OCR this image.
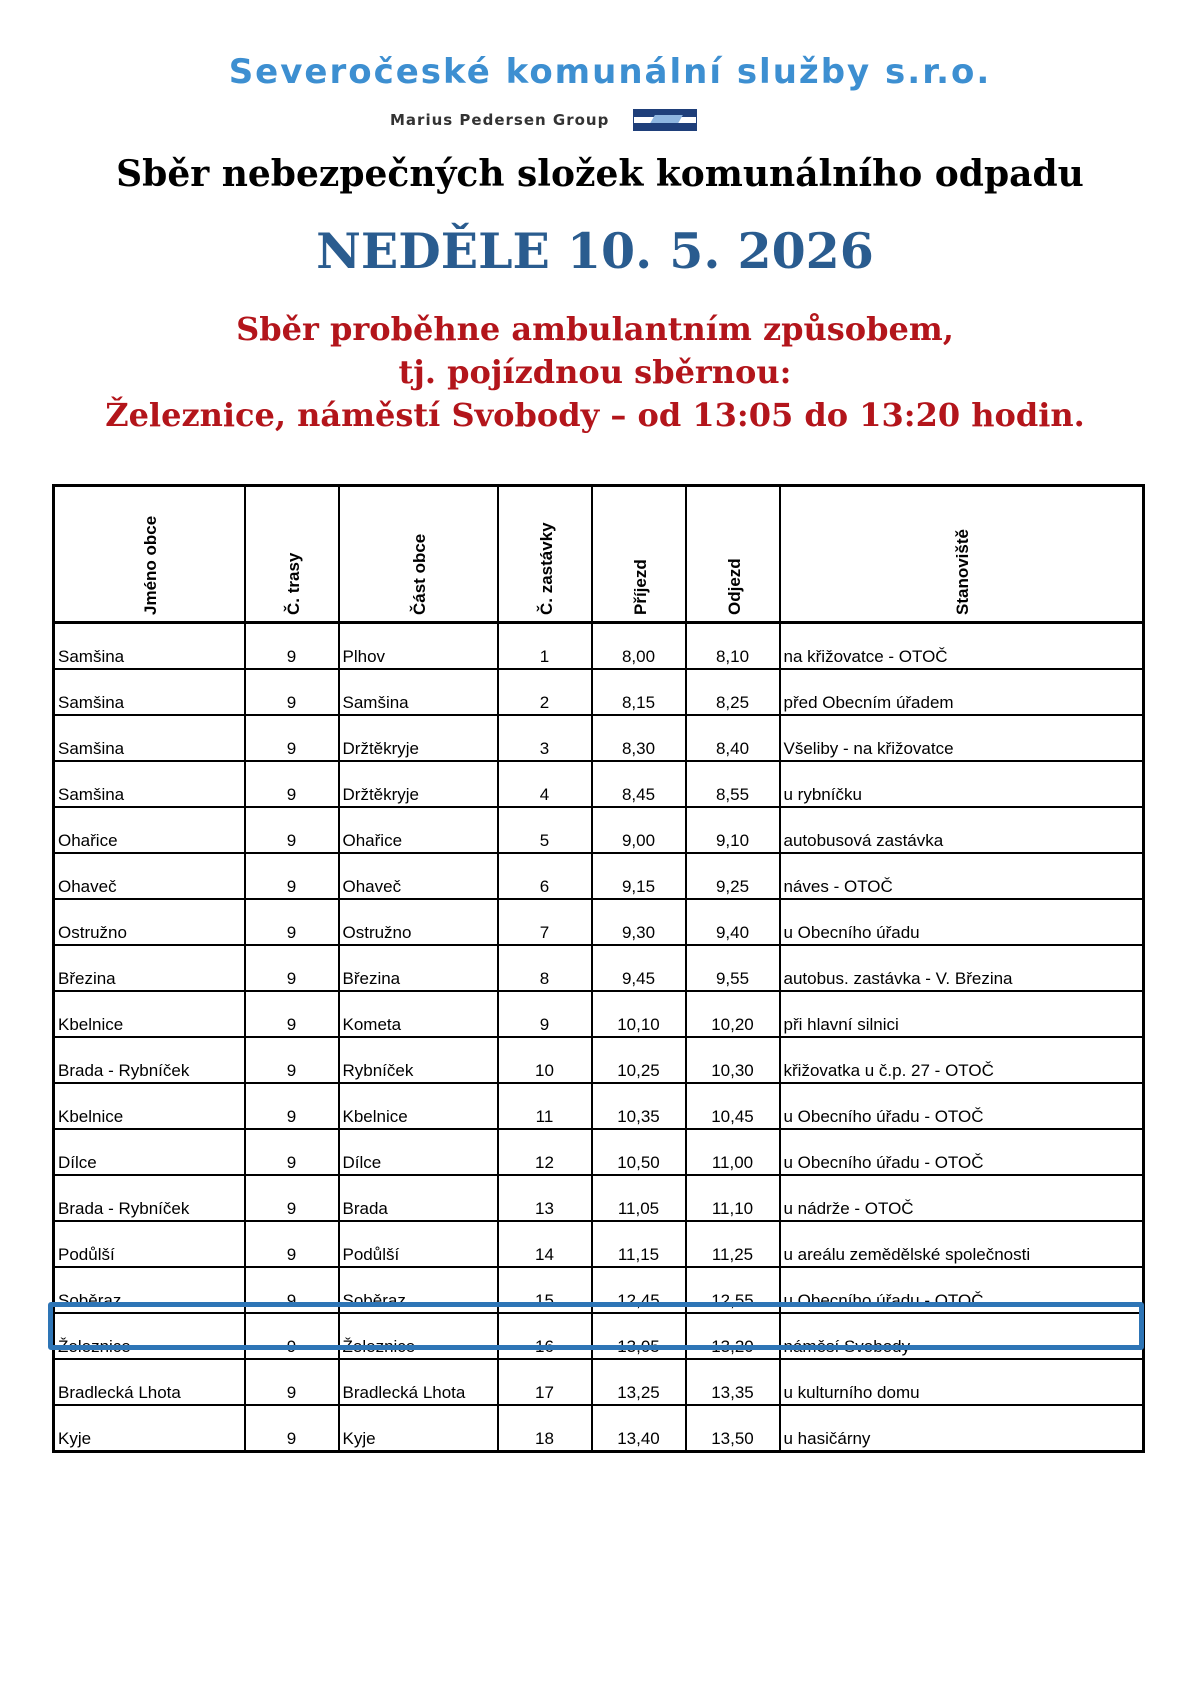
Severočeské komunální služby s.r.o.
Marius Pedersen Group
Sběr nebezpečných složek komunálního odpadu
NEDĚLE 10. 5. 2026
Sběr proběhne ambulantním způsobem,
tj. pojízdnou sběrnou:
Železnice, náměstí Svobody – od 13:05 do 13:20 hodin.
Jméno obce	Č. trasy	Část obce	Č. zastávky	Příjezd	Odjezd	Stanoviště

Samšina	9	Plhov	1	8,00	8,10	na křižovatce - OTOČ
Samšina	9	Samšina	2	8,15	8,25	před Obecním úřadem
Samšina	9	Držtěkryje	3	8,30	8,40	Všeliby - na křižovatce
Samšina	9	Držtěkryje	4	8,45	8,55	u rybníčku
Ohařice	9	Ohařice	5	9,00	9,10	autobusová zastávka
Ohaveč	9	Ohaveč	6	9,15	9,25	náves - OTOČ
Ostružno	9	Ostružno	7	9,30	9,40	u Obecního úřadu
Březina	9	Březina	8	9,45	9,55	autobus. zastávka - V. Březina
Kbelnice	9	Kometa	9	10,10	10,20	při hlavní silnici
Brada - Rybníček	9	Rybníček	10	10,25	10,30	křižovatka u č.p. 27 - OTOČ
Kbelnice	9	Kbelnice	11	10,35	10,45	u Obecního úřadu - OTOČ
Dílce	9	Dílce	12	10,50	11,00	u Obecního úřadu - OTOČ
Brada - Rybníček	9	Brada	13	11,05	11,10	u nádrže - OTOČ
Podůlší	9	Podůlší	14	11,15	11,25	u areálu zemědělské společnosti
Soběraz	9	Soběraz	15	12,45	12,55	u Obecního úřadu - OTOČ
Železnice	9	Železnice	16	13,05	13,20	náměsí Svobody
Bradlecká Lhota	9	Bradlecká Lhota	17	13,25	13,35	u kulturního domu
Kyje	9	Kyje	18	13,40	13,50	u hasičárny
